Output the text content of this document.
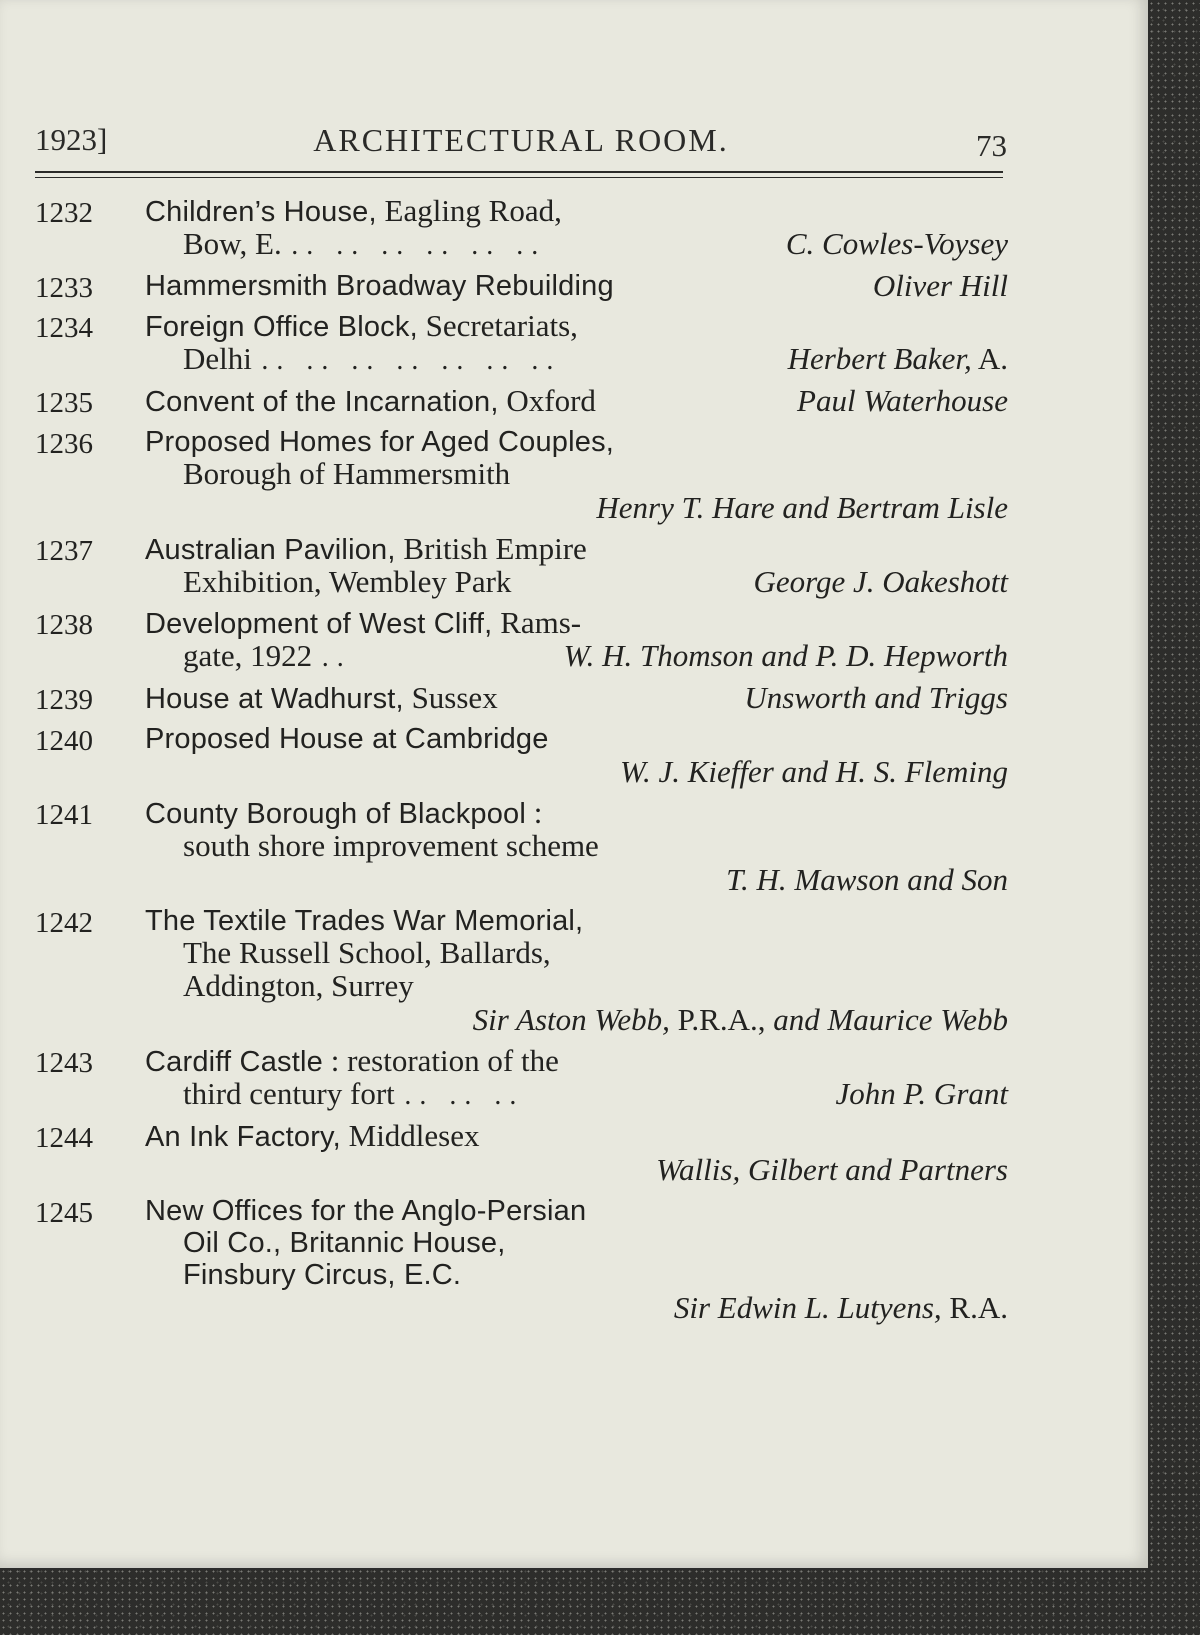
1923]	ARCHITECTURAL ROOM.	73
1232	Children’s House, Eagling Road,
Bow, E. .. .. .. .. .. ..	C. Cowles-Voysey
1233	Hammersmith Broadway Rebuilding	Oliver Hill
1234	Foreign Office Block, Secretariats,
Delhi .. .. .. .. .. .. ..	Herbert Baker, A.
1235	Convent of the Incarnation, Oxford	Paul Waterhouse
1236	Proposed Homes for Aged Couples,
Borough of Hammersmith
Henry T. Hare and Bertram Lisle
1237	Australian Pavilion, British Empire
Exhibition, Wembley Park	George J. Oakeshott
1238	Development of West Cliff, Rams-
gate, 1922 ..	W. H. Thomson and P. D. Hepworth
1239	House at Wadhurst, Sussex	Unsworth and Triggs
1240	Proposed House at Cambridge
W. J. Kieffer and H. S. Fleming
1241	County Borough of Blackpool :
south shore improvement scheme
T. H. Mawson and Son
1242	The Textile Trades War Memorial,
The Russell School, Ballards,
Addington, Surrey
Sir Aston Webb, P.R.A., and Maurice Webb
1243	Cardiff Castle : restoration of the
third century fort .. .. ..	John P. Grant
1244	An Ink Factory, Middlesex
Wallis, Gilbert and Partners
1245	New Offices for the Anglo-Persian
Oil Co., Britannic House,
Finsbury Circus, E.C.
Sir Edwin L. Lutyens, R.A.
